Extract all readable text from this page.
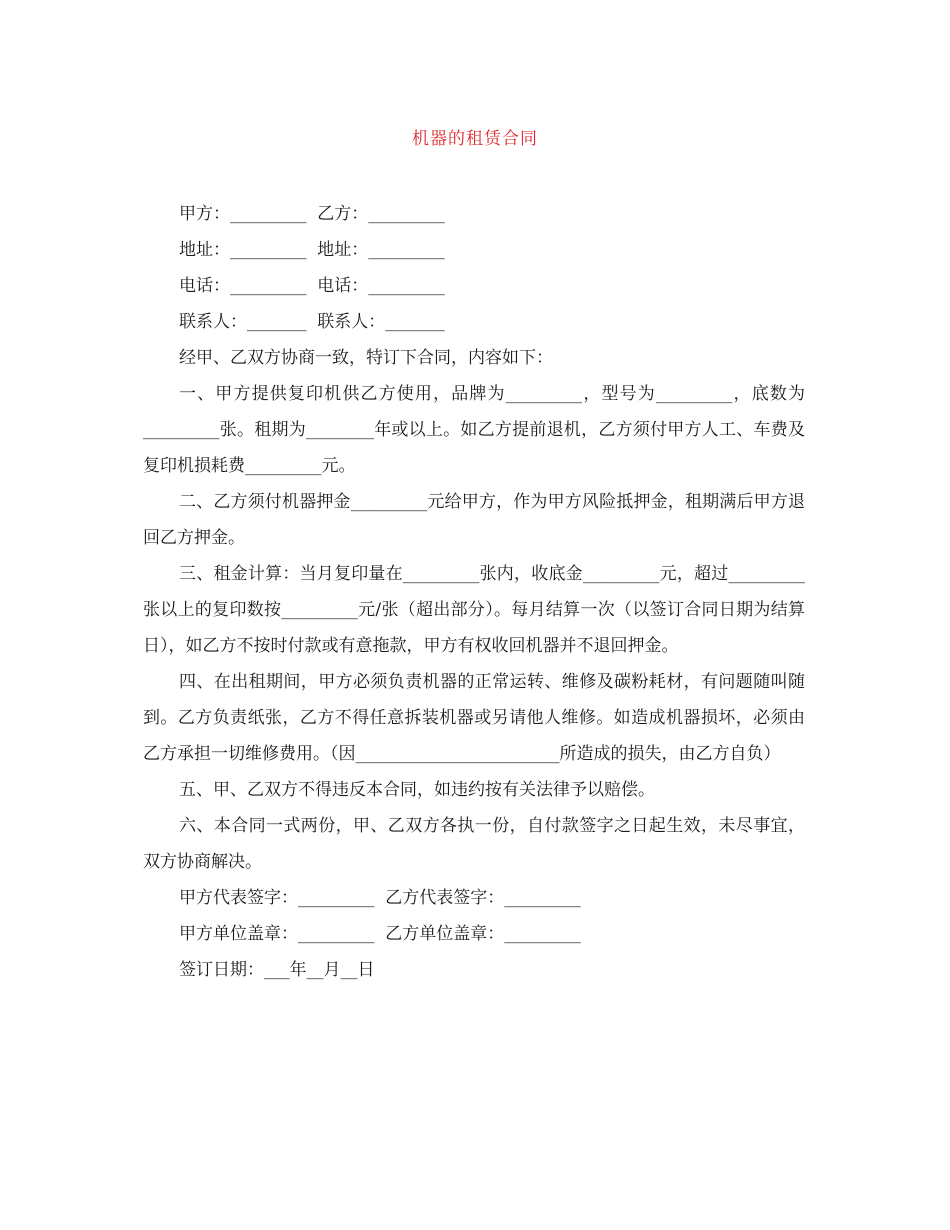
机器的租赁合同

甲方：_________  乙方：_________

地址：_________  地址：_________

电话：_________  电话：_________

联系人：_______  联系人：_______

经甲、乙双方协商一致，特订下合同，内容如下：

一、甲方提供复印机供乙方使用，品牌为_________，型号为_________，底数为_________张。租期为________年或以上。如乙方提前退机，乙方须付甲方人工、车费及复印机损耗费_________元。

二、乙方须付机器押金_________元给甲方，作为甲方风险抵押金，租期满后甲方退回乙方押金。

三、租金计算：当月复印量在_________张内，收底金_________元，超过_________ 张以上的复印数按_________元/张（超出部分）。每月结算一次（以签订合同日期为结算日），如乙方不按时付款或有意拖款，甲方有权收回机器并不退回押金。

四、在出租期间，甲方必须负责机器的正常运转、维修及碳粉耗材，有问题随叫随到。乙方负责纸张，乙方不得任意拆装机器或另请他人维修。如造成机器损坏，必须由乙方承担一切维修费用。（因________________________所造成的损失，由乙方自负）

五、甲、乙双方不得违反本合同，如违约按有关法律予以赔偿。

六、本合同一式两份，甲、乙双方各执一份，自付款签字之日起生效，未尽事宜，双方协商解决。

甲方代表签字：_________  乙方代表签字：_________

甲方单位盖章：_________  乙方单位盖章：_________

签订日期：___年__月__日
